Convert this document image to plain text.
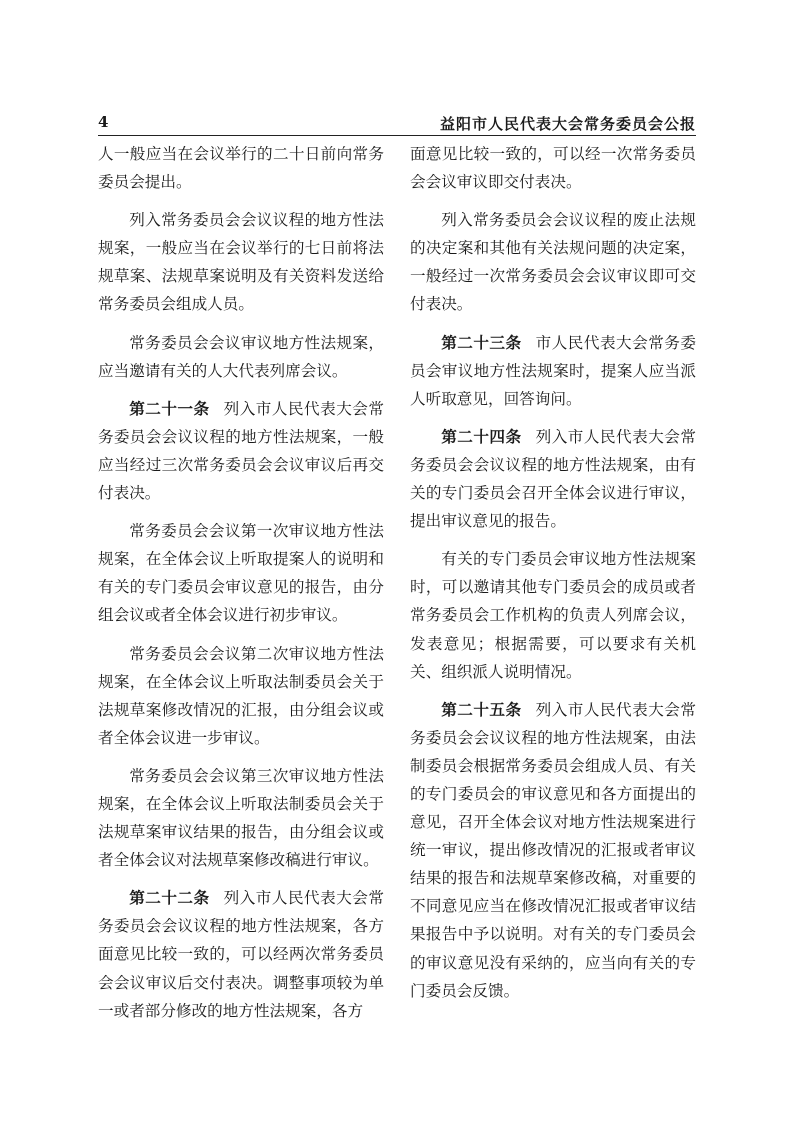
4	益阳市人民代表大会常务委员会公报

人一般应当在会议举行的二十日前向常务委员会提出。

列入常务委员会会议议程的地方性法规案，一般应当在会议举行的七日前将法规草案、法规草案说明及有关资料发送给常务委员会组成人员。

常务委员会会议审议地方性法规案，应当邀请有关的人大代表列席会议。

第二十一条 列入市人民代表大会常务委员会会议议程的地方性法规案，一般应当经过三次常务委员会会议审议后再交付表决。

常务委员会会议第一次审议地方性法规案，在全体会议上听取提案人的说明和有关的专门委员会审议意见的报告，由分组会议或者全体会议进行初步审议。

常务委员会会议第二次审议地方性法规案，在全体会议上听取法制委员会关于法规草案修改情况的汇报，由分组会议或者全体会议进一步审议。

常务委员会会议第三次审议地方性法规案，在全体会议上听取法制委员会关于法规草案审议结果的报告，由分组会议或者全体会议对法规草案修改稿进行审议。

第二十二条 列入市人民代表大会常务委员会会议议程的地方性法规案，各方面意见比较一致的，可以经两次常务委员会会议审议后交付表决。调整事项较为单一或者部分修改的地方性法规案，各方

面意见比较一致的，可以经一次常务委员会会议审议即交付表决。

列入常务委员会会议议程的废止法规的决定案和其他有关法规问题的决定案，一般经过一次常务委员会会议审议即可交付表决。

第二十三条 市人民代表大会常务委员会审议地方性法规案时，提案人应当派人听取意见，回答询问。

第二十四条 列入市人民代表大会常务委员会会议议程的地方性法规案，由有关的专门委员会召开全体会议进行审议，提出审议意见的报告。

有关的专门委员会审议地方性法规案时，可以邀请其他专门委员会的成员或者常务委员会工作机构的负责人列席会议，发表意见；根据需要，可以要求有关机关、组织派人说明情况。

第二十五条 列入市人民代表大会常务委员会会议议程的地方性法规案，由法制委员会根据常务委员会组成人员、有关的专门委员会的审议意见和各方面提出的意见，召开全体会议对地方性法规案进行统一审议，提出修改情况的汇报或者审议结果的报告和法规草案修改稿，对重要的不同意见应当在修改情况汇报或者审议结果报告中予以说明。对有关的专门委员会的审议意见没有采纳的，应当向有关的专门委员会反馈。
